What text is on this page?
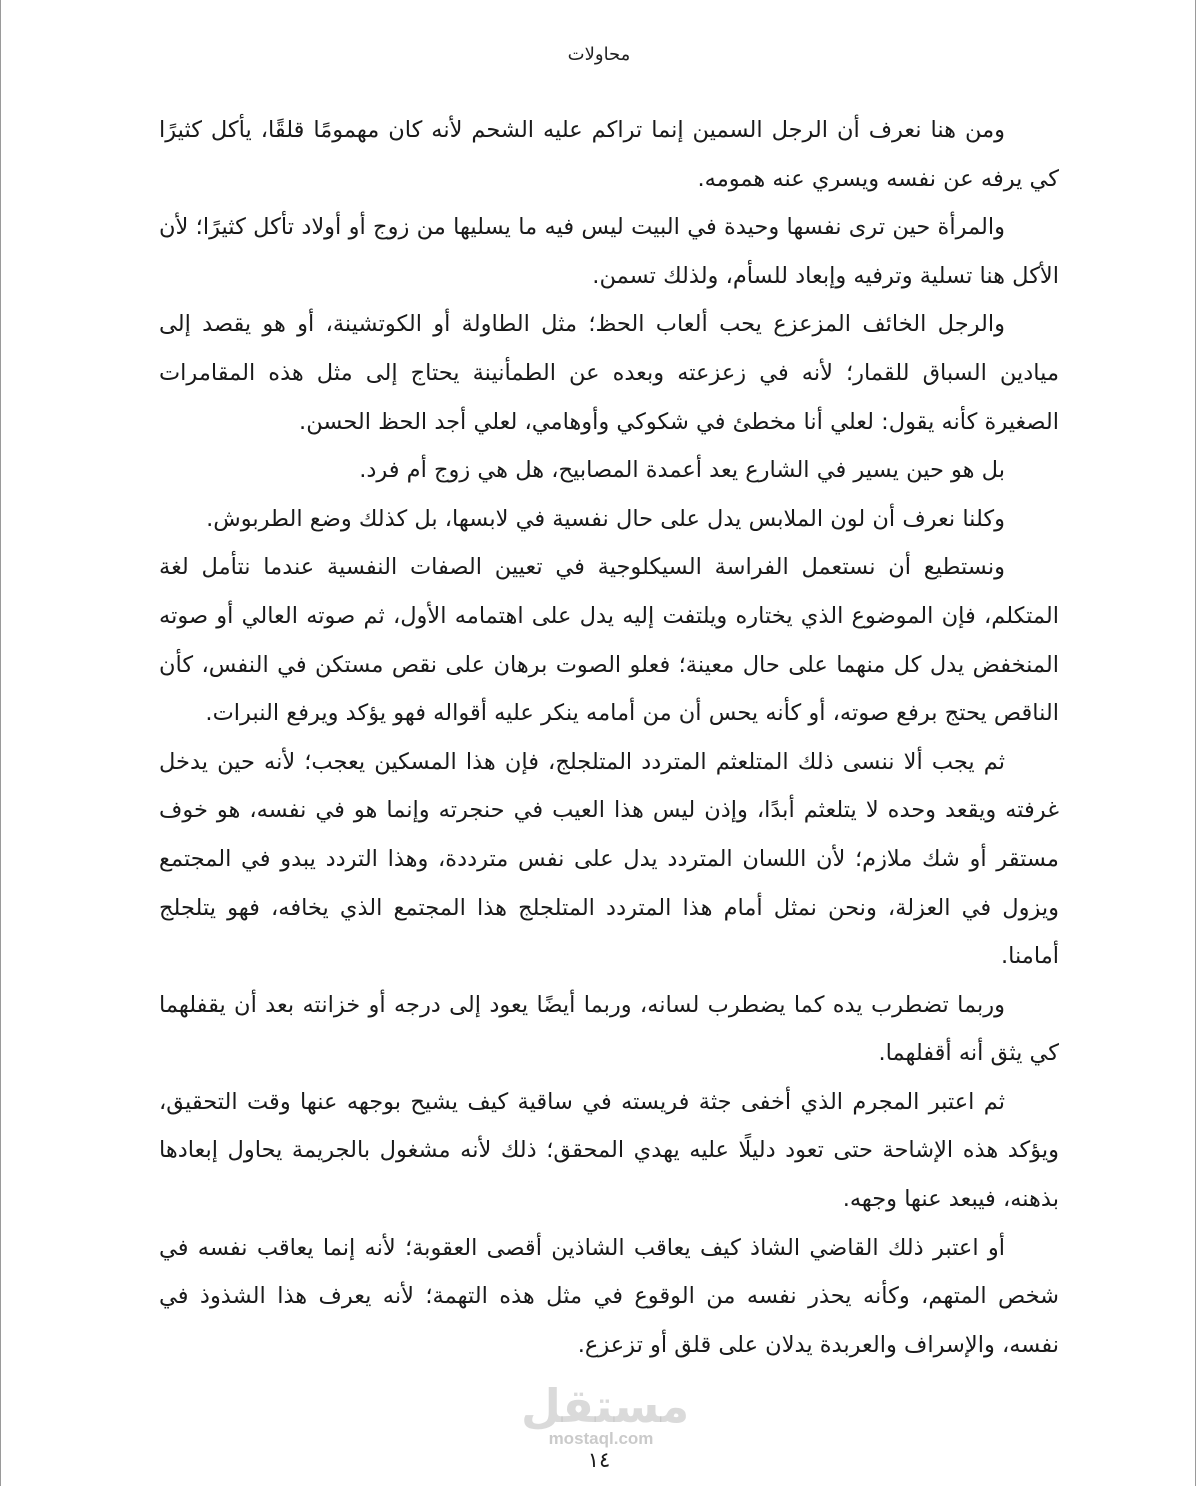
محاولات

ومن هنا نعرف أن الرجل السمين إنما تراكم عليه الشحم لأنه كان مهمومًا قلقًا، يأكل كثيرًا كي يرفه عن نفسه ويسري عنه همومه.

والمرأة حين ترى نفسها وحيدة في البيت ليس فيه ما يسليها من زوج أو أولاد تأكل كثيرًا؛ لأن الأكل هنا تسلية وترفيه وإبعاد للسأم، ولذلك تسمن.

والرجل الخائف المزعزع يحب ألعاب الحظ؛ مثل الطاولة أو الكوتشينة، أو هو يقصد إلى ميادين السباق للقمار؛ لأنه في زعزعته وبعده عن الطمأنينة يحتاج إلى مثل هذه المقامرات الصغيرة كأنه يقول: لعلي أنا مخطئ في شكوكي وأوهامي، لعلي أجد الحظ الحسن.

بل هو حين يسير في الشارع يعد أعمدة المصابيح، هل هي زوج أم فرد.

وكلنا نعرف أن لون الملابس يدل على حال نفسية في لابسها، بل كذلك وضع الطربوش.

ونستطيع أن نستعمل الفراسة السيكلوجية في تعيين الصفات النفسية عندما نتأمل لغة المتكلم، فإن الموضوع الذي يختاره ويلتفت إليه يدل على اهتمامه الأول، ثم صوته العالي أو صوته المنخفض يدل كل منهما على حال معينة؛ فعلو الصوت برهان على نقص مستكن في النفس، كأن الناقص يحتج برفع صوته، أو كأنه يحس أن من أمامه ينكر عليه أقواله فهو يؤكد ويرفع النبرات.

ثم يجب ألا ننسى ذلك المتلعثم المتردد المتلجلج، فإن هذا المسكين يعجب؛ لأنه حين يدخل غرفته ويقعد وحده لا يتلعثم أبدًا، وإذن ليس هذا العيب في حنجرته وإنما هو في نفسه، هو خوف مستقر أو شك ملازم؛ لأن اللسان المتردد يدل على نفس مترددة، وهذا التردد يبدو في المجتمع ويزول في العزلة، ونحن نمثل أمام هذا المتردد المتلجلج هذا المجتمع الذي يخافه، فهو يتلجلج أمامنا.

وربما تضطرب يده كما يضطرب لسانه، وربما أيضًا يعود إلى درجه أو خزانته بعد أن يقفلهما كي يثق أنه أقفلهما.

ثم اعتبر المجرم الذي أخفى جثة فريسته في ساقية كيف يشيح بوجهه عنها وقت التحقيق، ويؤكد هذه الإشاحة حتى تعود دليلًا عليه يهدي المحقق؛ ذلك لأنه مشغول بالجريمة يحاول إبعادها بذهنه، فيبعد عنها وجهه.

أو اعتبر ذلك القاضي الشاذ كيف يعاقب الشاذين أقصى العقوبة؛ لأنه إنما يعاقب نفسه في شخص المتهم، وكأنه يحذر نفسه من الوقوع في مثل هذه التهمة؛ لأنه يعرف هذا الشذوذ في نفسه، والإسراف والعربدة يدلان على قلق أو تزعزع.

مستقل
mostaql.com
١٤
